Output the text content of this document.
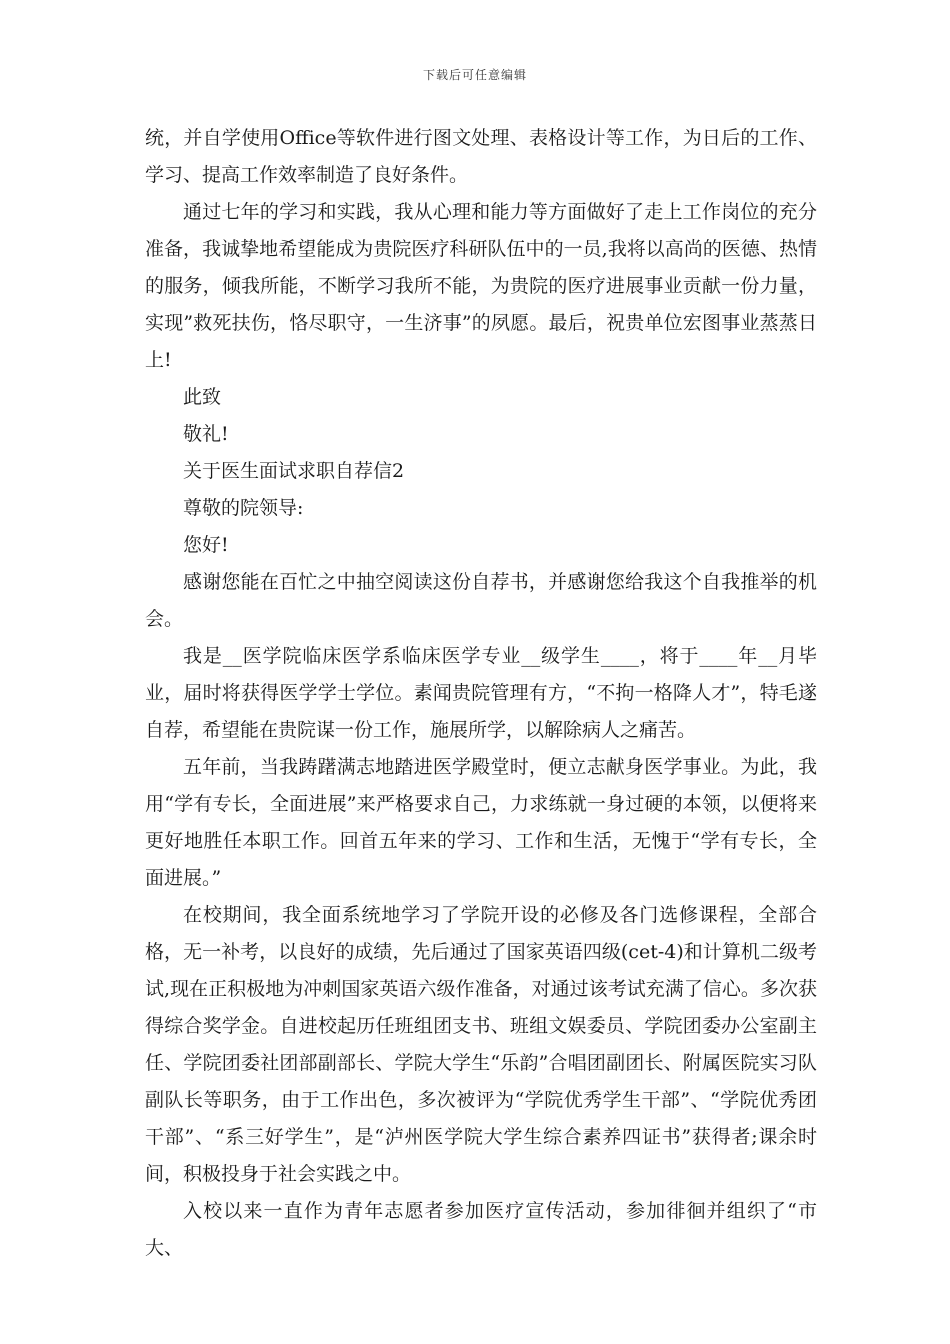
下载后可任意编辑

统，并自学使用Office等软件进行图文处理、表格设计等工作，为日后的工作、学习、提高工作效率制造了良好条件。

通过七年的学习和实践，我从心理和能力等方面做好了走上工作岗位的充分准备，我诚挚地希望能成为贵院医疗科研队伍中的一员,我将以高尚的医德、热情的服务，倾我所能，不断学习我所不能，为贵院的医疗进展事业贡献一份力量，实现”救死扶伤，恪尽职守，一生济事”的夙愿。最后，祝贵单位宏图事业蒸蒸日上!

此致

敬礼!

关于医生面试求职自荐信2

尊敬的院领导:

您好!

感谢您能在百忙之中抽空阅读这份自荐书，并感谢您给我这个自我推举的机会。

我是__医学院临床医学系临床医学专业__级学生____，将于____年__月毕业，届时将获得医学学士学位。素闻贵院管理有方，“不拘一格降人才”，特毛遂自荐，希望能在贵院谋一份工作，施展所学，以解除病人之痛苦。

五年前，当我踌躇满志地踏进医学殿堂时，便立志献身医学事业。为此，我用“学有专长，全面进展”来严格要求自己，力求练就一身过硬的本领，以便将来更好地胜任本职工作。回首五年来的学习、工作和生活，无愧于“学有专长，全面进展。”

在校期间，我全面系统地学习了学院开设的必修及各门选修课程，全部合格，无一补考，以良好的成绩，先后通过了国家英语四级(cet-4)和计算机二级考试,现在正积极地为冲刺国家英语六级作准备，对通过该考试充满了信心。多次获得综合奖学金。自进校起历任班组团支书、班组文娱委员、学院团委办公室副主任、学院团委社团部副部长、学院大学生“乐韵”合唱团副团长、附属医院实习队副队长等职务，由于工作出色，多次被评为“学院优秀学生干部”、“学院优秀团干部”、“系三好学生”，是“泸州医学院大学生综合素养四证书”获得者;课余时间，积极投身于社会实践之中。

入校以来一直作为青年志愿者参加医疗宣传活动，参加徘徊并组织了“市大、
